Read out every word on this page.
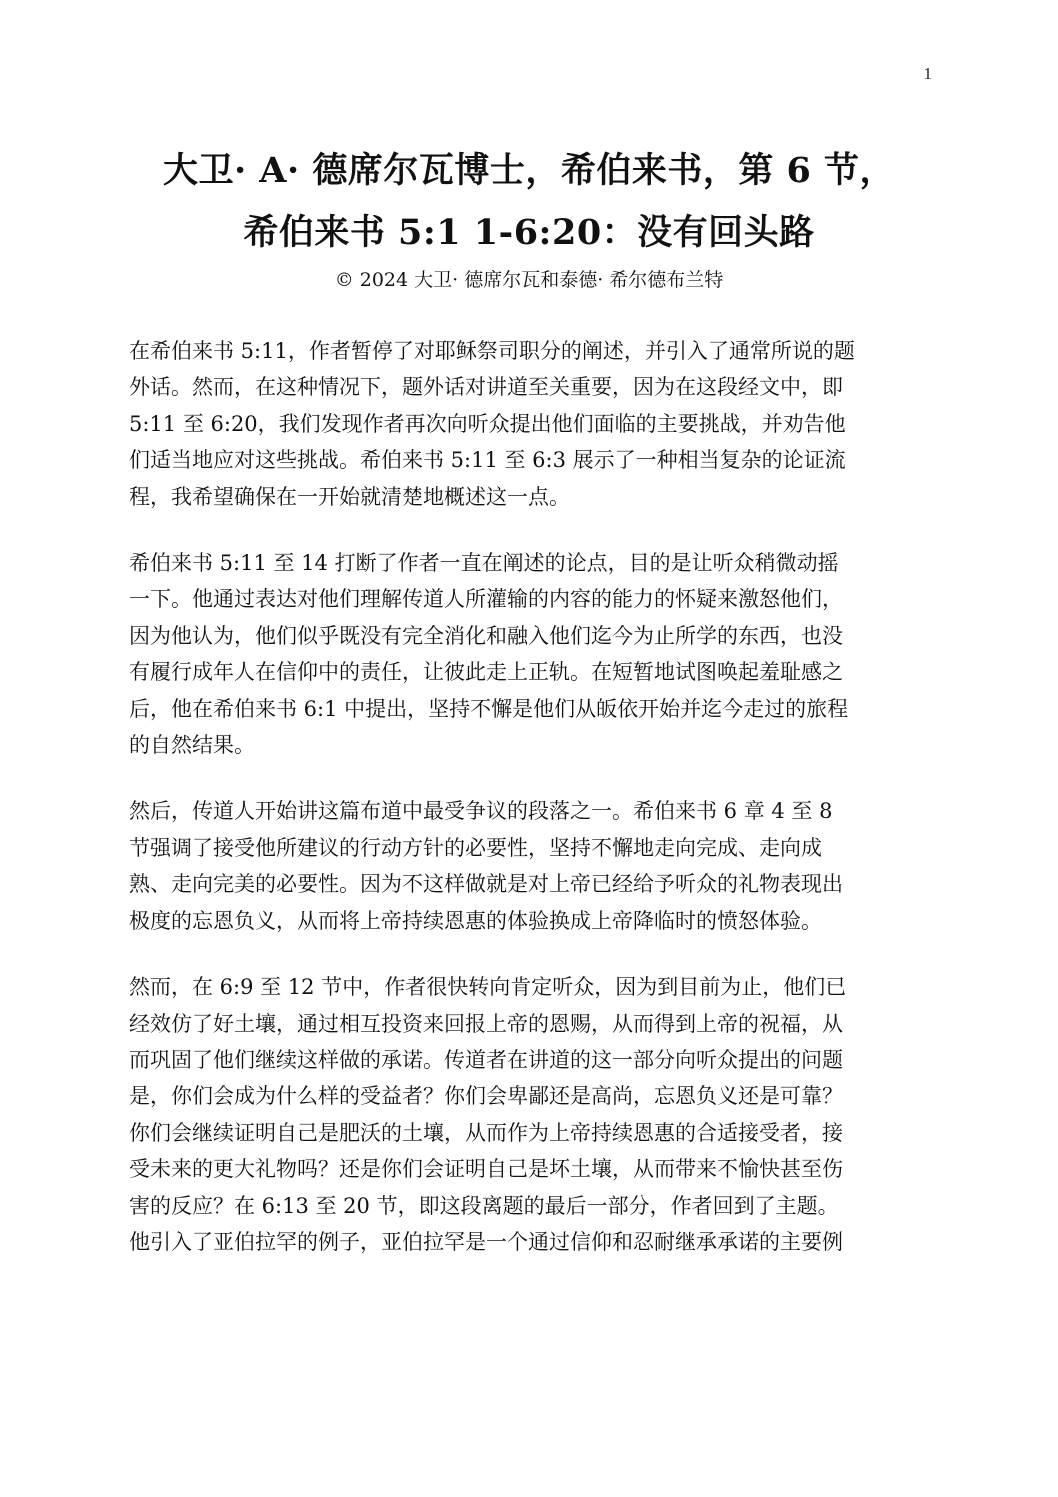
1
大卫· A· 德席尔瓦博士，希伯来书，第 6 节，
希伯来书 5:1 1-6:20：没有回头路
© 2024 大卫· 德席尔瓦和泰德· 希尔德布兰特
在希伯来书 5:11，作者暂停了对耶稣祭司职分的阐述，并引入了通常所说的题
外话。然而，在这种情况下，题外话对讲道至关重要，因为在这段经文中，即
5:11 至 6:20，我们发现作者再次向听众提出他们面临的主要挑战，并劝告他
们适当地应对这些挑战。希伯来书 5:11 至 6:3 展示了一种相当复杂的论证流
程，我希望确保在一开始就清楚地概述这一点。
希伯来书 5:11 至 14 打断了作者一直在阐述的论点，目的是让听众稍微动摇
一下。他通过表达对他们理解传道人所灌输的内容的能力的怀疑来激怒他们，
因为他认为，他们似乎既没有完全消化和融入他们迄今为止所学的东西，也没
有履行成年人在信仰中的责任，让彼此走上正轨。在短暂地试图唤起羞耻感之
后，他在希伯来书 6:1 中提出，坚持不懈是他们从皈依开始并迄今走过的旅程
的自然结果。
然后，传道人开始讲这篇布道中最受争议的段落之一。希伯来书 6 章 4 至 8
节强调了接受他所建议的行动方针的必要性，坚持不懈地走向完成、走向成
熟、走向完美的必要性。因为不这样做就是对上帝已经给予听众的礼物表现出
极度的忘恩负义，从而将上帝持续恩惠的体验换成上帝降临时的愤怒体验。
然而，在 6:9 至 12 节中，作者很快转向肯定听众，因为到目前为止，他们已
经效仿了好土壤，通过相互投资来回报上帝的恩赐，从而得到上帝的祝福，从
而巩固了他们继续这样做的承诺。传道者在讲道的这一部分向听众提出的问题
是，你们会成为什么样的受益者？你们会卑鄙还是高尚，忘恩负义还是可靠？
你们会继续证明自己是肥沃的土壤，从而作为上帝持续恩惠的合适接受者，接
受未来的更大礼物吗？还是你们会证明自己是坏土壤，从而带来不愉快甚至伤
害的反应？在 6:13 至 20 节，即这段离题的最后一部分，作者回到了主题。
他引入了亚伯拉罕的例子，亚伯拉罕是一个通过信仰和忍耐继承承诺的主要例
